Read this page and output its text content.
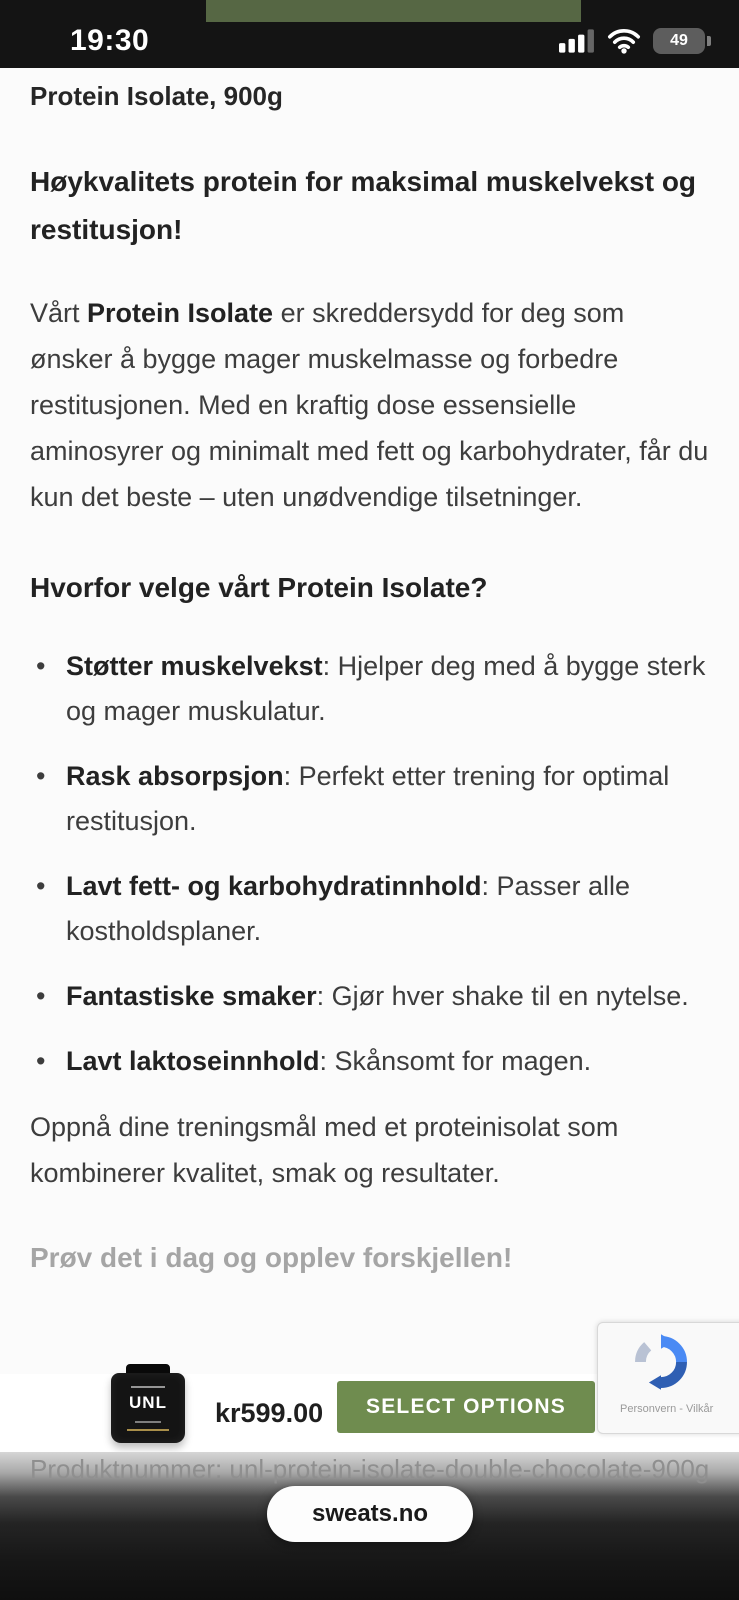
19:30	49
Protein Isolate, 900g
Høykvalitets protein for maksimal muskelvekst og restitusjon!

Vårt Protein Isolate er skreddersydd for deg som ønsker å bygge mager muskelmasse og forbedre restitusjonen. Med en kraftig dose essensielle aminosyrer og minimalt med fett og karbohydrater, får du kun det beste – uten unødvendige tilsetninger.

Hvorfor velge vårt Protein Isolate?
• Støtter muskelvekst: Hjelper deg med å bygge sterk og mager muskulatur.
• Rask absorpsjon: Perfekt etter trening for optimal restitusjon.
• Lavt fett- og karbohydratinnhold: Passer alle kostholdsplaner.
• Fantastiske smaker: Gjør hver shake til en nytelse.
• Lavt laktoseinnhold: Skånsomt for magen.

Oppnå dine treningsmål med et proteinisolat som kombinerer kvalitet, smak og resultater.

Prøv det i dag og opplev forskjellen!
Personvern - Vilkår
UNL	kr599.00	SELECT OPTIONS
Produktnummer: unl-protein-isolate-double-chocolate-900g
sweats.no
